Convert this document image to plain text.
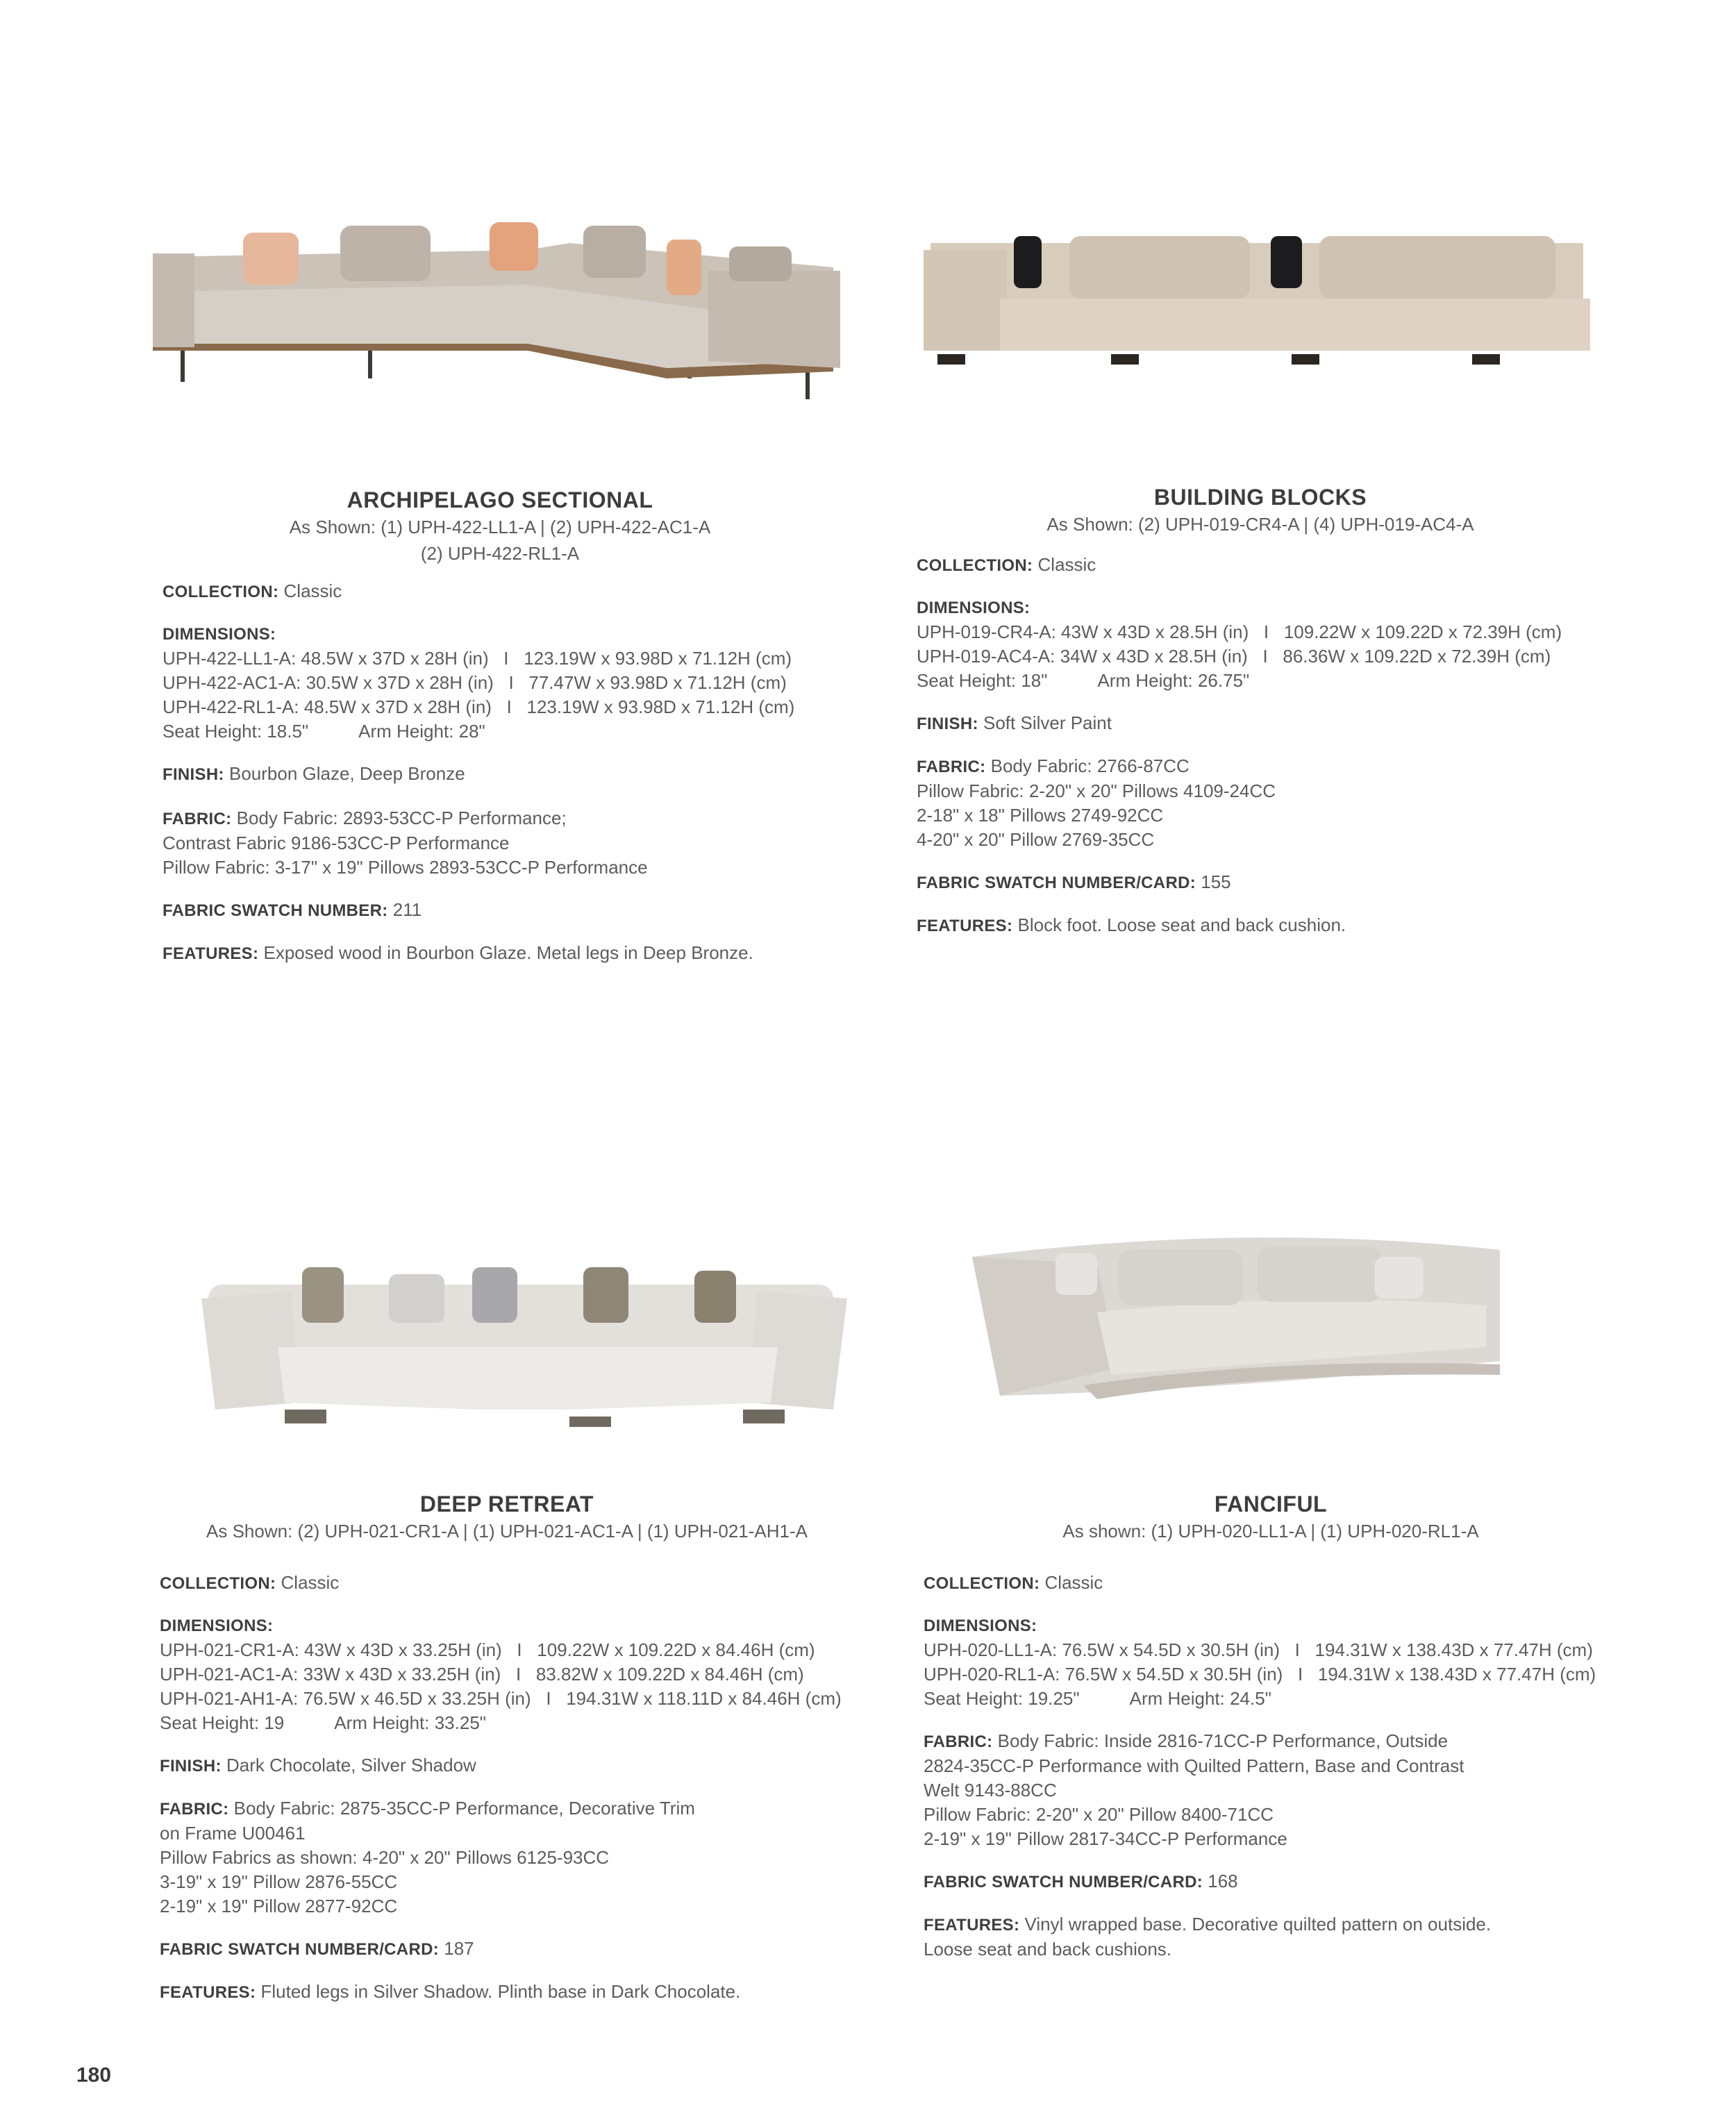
ARCHIPELAGO SECTIONAL
As Shown: (1) UPH-422-LL1-A | (2) UPH-422-AC1-A
(2) UPH-422-RL1-A
COLLECTION: Classic
DIMENSIONS:
UPH-422-LL1-A: 48.5W x 37D x 28H (in)   I   123.19W x 93.98D x 71.12H (cm)
UPH-422-AC1-A: 30.5W x 37D x 28H (in)   I   77.47W x 93.98D x 71.12H (cm)
UPH-422-RL1-A: 48.5W x 37D x 28H (in)   I   123.19W x 93.98D x 71.12H (cm)
Seat Height: 18.5"	Arm Height: 28"
FINISH: Bourbon Glaze, Deep Bronze
FABRIC: Body Fabric: 2893-53CC-P Performance;
Contrast Fabric 9186-53CC-P Performance
Pillow Fabric: 3-17" x 19" Pillows 2893-53CC-P Performance
FABRIC SWATCH NUMBER: 211
FEATURES: Exposed wood in Bourbon Glaze. Metal legs in Deep Bronze.
BUILDING BLOCKS
As Shown: (2) UPH-019-CR4-A | (4) UPH-019-AC4-A
COLLECTION: Classic
DIMENSIONS:
UPH-019-CR4-A: 43W x 43D x 28.5H (in)   I   109.22W x 109.22D x 72.39H (cm)
UPH-019-AC4-A: 34W x 43D x 28.5H (in)   I   86.36W x 109.22D x 72.39H (cm)
Seat Height: 18"	Arm Height: 26.75"
FINISH: Soft Silver Paint
FABRIC: Body Fabric: 2766-87CC
Pillow Fabric: 2-20" x 20" Pillows 4109-24CC
2-18" x 18" Pillows 2749-92CC
4-20" x 20" Pillow 2769-35CC
FABRIC SWATCH NUMBER/CARD: 155
FEATURES: Block foot. Loose seat and back cushion.
DEEP RETREAT
As Shown: (2) UPH-021-CR1-A | (1) UPH-021-AC1-A | (1) UPH-021-AH1-A
COLLECTION: Classic
DIMENSIONS:
UPH-021-CR1-A: 43W x 43D x 33.25H (in)   I   109.22W x 109.22D x 84.46H (cm)
UPH-021-AC1-A: 33W x 43D x 33.25H (in)   I   83.82W x 109.22D x 84.46H (cm)
UPH-021-AH1-A: 76.5W x 46.5D x 33.25H (in)   I   194.31W x 118.11D x 84.46H (cm)
Seat Height: 19	Arm Height: 33.25"
FINISH: Dark Chocolate, Silver Shadow
FABRIC: Body Fabric: 2875-35CC-P Performance, Decorative Trim
on Frame U00461
Pillow Fabrics as shown: 4-20" x 20" Pillows 6125-93CC
3-19" x 19" Pillow 2876-55CC
2-19" x 19" Pillow 2877-92CC
FABRIC SWATCH NUMBER/CARD: 187
FEATURES: Fluted legs in Silver Shadow. Plinth base in Dark Chocolate.
FANCIFUL
As shown: (1) UPH-020-LL1-A | (1) UPH-020-RL1-A
COLLECTION: Classic
DIMENSIONS:
UPH-020-LL1-A: 76.5W x 54.5D x 30.5H (in)   I   194.31W x 138.43D x 77.47H (cm)
UPH-020-RL1-A: 76.5W x 54.5D x 30.5H (in)   I   194.31W x 138.43D x 77.47H (cm)
Seat Height: 19.25"	Arm Height: 24.5"
FABRIC: Body Fabric: Inside 2816-71CC-P Performance, Outside
2824-35CC-P Performance with Quilted Pattern, Base and Contrast
Welt 9143-88CC
Pillow Fabric: 2-20" x 20" Pillow 8400-71CC
2-19" x 19" Pillow 2817-34CC-P Performance
FABRIC SWATCH NUMBER/CARD: 168
FEATURES: Vinyl wrapped base. Decorative quilted pattern on outside.
Loose seat and back cushions.
180
